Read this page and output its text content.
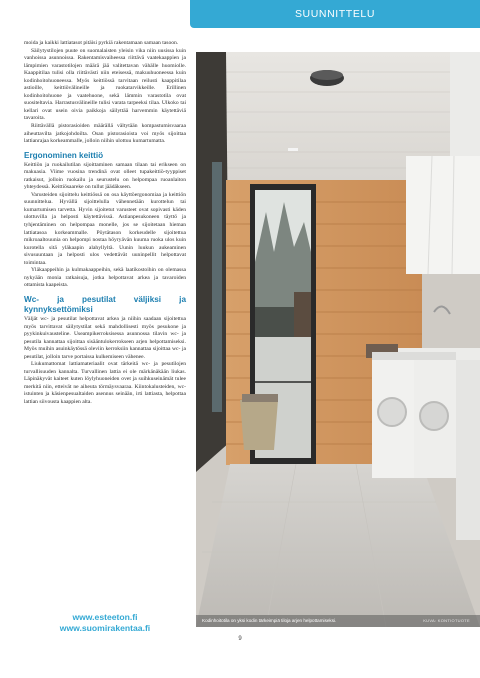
SUUNNITTELU

moida ja kaikki lattiatasot pitäisi pyrkiä rakentamaan samaan tasoon.

Säilytystilojen puute on suomalaisten yleisin vika niin uusissa kuin vanhoissa asunnoissa. Rakentamisvaiheessa riittävä vaatekaappien ja lämpimien varastotilojen määrä jää valitettavan vähälle huomiolle. Kaappitilaa tulisi olla riittävästi niin eteisessä, makuuhuoneessa kuin kodinhoitohuoneessa. Myös keittiössä tarvitaan reilusti kaappitilaa astioille, keittiövälineille ja ruokatarvikkeille. Erillinen kodinhoitohuone ja vaatehuone, sekä lämmin varastotila ovat suositeltavia. Harrastusvälineille tulisi varata tarpeeksi tilaa. Ulkoko tai kellari ovat usein oivia paikkoja säilyttää harvemmin käytettäviä tavaroita.

Riittävällä pistorasioiden määrällä vältytään kompastumisvaaraa aiheuttavilta jatkojohdoilta. Osan pistorasioista voi myös sijoittaa lattianrajaa korkeammalle, jolloin niihin ulottuu kumartumatta.

Ergonominen keittiö

Keittiön ja ruokailutilan sijoittaminen samaan tilaan tai erikseen on makuasia. Viime vuosina trendinä ovat olleet tupakeittiö-tyyppiset ratkaisut, jolloin ruokailu ja seurustelu on helpompaa ruoanlaiton yhteydessä. Keittiösaareke on tullut jäädäkseen.

Varusteiden sijoittelu keittiössä on osa käyttöergonomiaa ja keittiön suunnittelua. Hyvällä sijoittelulla vähennetään kurottelun tai kumartumisen tarvetta. Hyvin sijoitetut varusteet ovat sopivasti käden ulottuvilla ja helposti käytettävissä. Astianpesukoneen täyttö ja tyhjentäminen on helpompaa monelle, jos se sijoitetaan hieman lattiatasoa korkeammalle. Pöytätason korkeudelle sijoitettua mikroaaltouunia on helpompi nostaa höyryävän kuuma ruoka ulos kuin kurotella sitä yläkaapin alahyllyltä. Uunin luukun aukeaminen sivusuuntaan ja helposti ulos vedettävät uuninpellit helpottavat toimintaa.

Yläkaappeihin ja kulmakaappeihin, sekä laatikostoihin on olemassa nykyään monia ratkaisuja, jotka helpottavat arkea ja tavaroiden ottamista kaapeista.

Wc- ja pesutilat väljiksi ja kynnyksettömiksi

Väljät wc- ja pesutilat helpottavat arkea ja niihin saadaan sijoitettua myös tarvittavat säilytystilat sekä mahdollisesti myös pesukone ja pyykinkuivausteline. Useampikerroksisessa asunnossa tilavin wc- ja pesutila kannattaa sijoittaa sisääntulokerrokseen arjen helpottamiseksi. Myös muihin asuinkäytössä oleviin kerroksiin kannattaa sijoittaa wc- ja pesutilat, jolloin tarve portaissa kulkemiseen vähenee.

Liukumattomat lattiamateriaalit ovat tärkeitä wc- ja pesutilojen turvallisuuden kannalta. Turvallinen lattia ei ole märkänäkään liukas. Läpinäkyvät kaiteet kuten löylyhuoneiden ovet ja suihkuseinämät tulee merkitä niin, etteivät ne aiheuta törmäysvaaraa. Kiintokalusteiden, wc-istuinten ja käsienpesualtaiden asennus seinään, irti lattiasta, helpottaa lattian siivousta kaappien alta.

www.esteeton.fi
www.suomirakentaa.fi
Kodinhoitotila on yksi kodin tärkeimpiä tiloja arjen helpottamiseksi.	KUVA: KONTIOTUOTE
9
